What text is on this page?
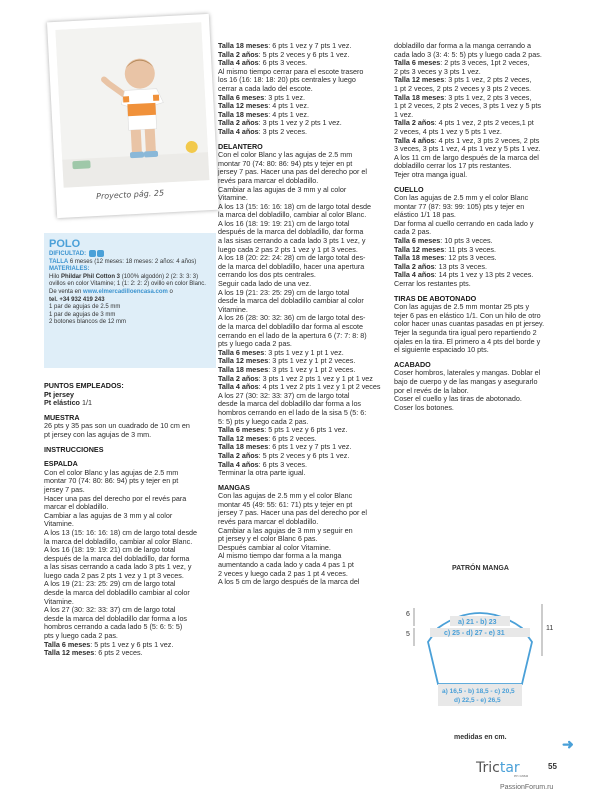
Proyecto pág. 25
POLO
DIFICULTAD:
TALLA 6 meses (12 meses: 18 meses: 2 años: 4 años)
MATERIALES:
Hilo Phildar Phil Cotton 3 (100% algodón) 2 (2: 3: 3: 3)
ovillos en color Vitamine; 1 (1: 2: 2: 2) ovillo en color Blanc.
De venta en www.elmercadilloencasa.com o
tel. +34 932 419 243
1 par de agujas de 2.5 mm
1 par de agujas de 3 mm
2 botones blancos de 12 mm

PUNTOS EMPLEADOS:

Pt jersey

Pt elástico 1/1

MUESTRA

26 pts y 35 pas son un cuadrado de 10 cm en

pt jersey con las agujas de 3 mm.

INSTRUCCIONES

ESPALDA

Con el color Blanc y las agujas de 2.5 mm

montar 70 (74: 80: 86: 94) pts y tejer en pt

jersey 7 pas.

Hacer una pas del derecho por el revés para

marcar el dobladillo.

Cambiar a las agujas de 3 mm y al color

Vitamine.

A los 13 (15: 16: 16: 18) cm de largo total desde

la marca del dobladillo, cambiar al color Blanc.

A los 16 (18: 19: 19: 21) cm de largo total

después de la marca del dobladillo, dar forma

a las sisas cerrando a cada lado 3 pts 1 vez, y

luego cada 2 pas 2 pts 1 vez y 1 pt 3 veces.

A los 19 (21: 23: 25: 29) cm de largo total

desde la marca del dobladillo cambiar al color

Vitamine.

A los 27 (30: 32: 33: 37) cm de largo total

desde la marca del dobladillo dar forma a los

hombros cerrando a cada lado 5 (5: 6: 5: 5)

pts y luego cada 2 pas.

Talla 6 meses: 5 pts 1 vez y 6 pts 1 vez.

Talla 12 meses: 6 pts 2 veces.

Talla 18 meses: 6 pts 1 vez y 7 pts 1 vez.

Talla 2 años: 5 pts 2 veces y 6 pts 1 vez.

Talla 4 años: 6 pts 3 veces.

Al mismo tiempo cerrar para el escote trasero

los 16 (16: 18: 18: 20) pts centrales y luego

cerrar a cada lado del escote.

Talla 6 meses: 3 pts 1 vez.

Talla 12 meses: 4 pts 1 vez.

Talla 18 meses: 4 pts 1 vez.

Talla 2 años: 3 pts 1 vez y 2 pts 1 vez.

Talla 4 años: 3 pts 2 veces.

DELANTERO

Con el color Blanc y las agujas de 2.5 mm

montar 70 (74: 80: 86: 94) pts y tejer en pt

jersey 7 pas. Hacer una pas del derecho por el

revés para marcar el dobladillo.

Cambiar a las agujas de 3 mm y al color

Vitamine.

A los 13 (15: 16: 16: 18) cm de largo total desde

la marca del dobladillo, cambiar al color Blanc.

A los 16 (18: 19: 19: 21) cm de largo total

después de la marca del dobladillo, dar forma

a las sisas cerrando a cada lado 3 pts 1 vez, y

luego cada 2 pas 2 pts 1 vez y 1 pt 3 veces.

A los 18 (20: 22: 24: 28) cm de largo total des-

de la marca del dobladillo, hacer una apertura

cerrando los dos pts centrales.

Seguir cada lado de una vez.

A los 19 (21: 23: 25: 29) cm de largo total

desde la marca del dobladillo cambiar al color

Vitamine.

A los 26 (28: 30: 32: 36) cm de largo total des-

de la marca del dobladillo dar forma al escote

cerrando en el lado de la apertura 6 (7: 7: 8: 8)

pts y luego cada 2 pas.

Talla 6 meses: 3 pts 1 vez y 1 pt 1 vez.

Talla 12 meses: 3 pts 1 vez y 1 pt 2 veces.

Talla 18 meses: 3 pts 1 vez y 1 pt 2 veces.

Talla 2 años: 3 pts 1 vez 2 pts 1 vez y 1 pt 1 vez

Talla 4 años: 4 pts 1 vez 2 pts 1 vez y 1 pt 2 veces

A los 27 (30: 32: 33: 37) cm de largo total

desde la marca del dobladillo dar forma a los

hombros cerrando en el lado de la sisa 5 (5: 6:

5: 5) pts y luego cada 2 pas.

Talla 6 meses: 5 pts 1 vez y 6 pts 1 vez.

Talla 12 meses: 6 pts 2 veces.

Talla 18 meses: 6 pts 1 vez y 7 pts 1 vez.

Talla 2 años: 5 pts 2 veces y 6 pts 1 vez.

Talla 4 años: 6 pts 3 veces.

Terminar la otra parte igual.

MANGAS

Con las agujas de 2.5 mm y el color Blanc

montar 45 (49: 55: 61: 71) pts y tejer en pt

jersey 7 pas. Hacer una pas del derecho por el

revés para marcar el dobladillo.

Cambiar a las agujas de 3 mm y seguir en

pt jersey y el color Blanc 6 pas.

Después cambiar al color Vitamine.

Al mismo tiempo dar forma a la manga

aumentando a cada lado y cada 4 pas 1 pt

2 veces y luego cada 2 pas 1 pt 4 veces.

A los 5 cm de largo después de la marca del

dobladillo dar forma a la manga cerrando a

cada lado 3 (3: 4: 5: 5) pts y luego cada 2 pas.

Talla 6 meses: 2 pts 3 veces, 1pt 2 veces,

2 pts 3 veces y 3 pts 1 vez.

Talla 12 meses: 3 pts 1 vez, 2 pts 2 veces,

1 pt 2 veces, 2 pts 2 veces y 3 pts 2 veces.

Talla 18 meses: 3 pts 1 vez, 2 pts 3 veces,

1 pt 2 veces, 2 pts 2 veces, 3 pts 1 vez y 5 pts

1 vez.

Talla 2 años: 4 pts 1 vez, 2 pts 2 veces,1 pt

2 veces, 4 pts 1 vez y 5 pts 1 vez.

Talla 4 años: 4 pts 1 vez, 3 pts 2 veces, 2 pts

3 veces, 3 pts 1 vez, 4 pts 1 vez y 5 pts 1 vez.

A los 11 cm de largo después de la marca del

dobladillo cerrar los 17 pts restantes.

Tejer otra manga igual.

CUELLO

Con las agujas de 2.5 mm y el color Blanc

montar 77 (87: 93: 99: 105) pts y tejer en

elástico 1/1 18 pas.

Dar forma al cuello cerrando en cada lado y

cada 2 pas.

Talla 6 meses: 10 pts 3 veces.

Talla 12 meses: 11 pts 3 veces.

Talla 18 meses: 12 pts 3 veces.

Talla 2 años: 13 pts 3 veces.

Talla 4 años: 14 pts 1 vez y 13 pts 2 veces.

Cerrar los restantes pts.

TIRAS DE ABOTONADO

Con las agujas de 2.5 mm montar 25 pts y

tejer 6 pas en elástico 1/1. Con un hilo de otro

color hacer unas cuantas pasadas en pt jersey.

Tejer la segunda tira igual pero repartiendo 2

ojales en la tira. El primero a 4 pts del borde y

el siguiente espaciado 10 pts.

ACABADO

Coser hombros, laterales y mangas. Doblar el

bajo de cuerpo y de las mangas y asegurarlo

por el revés de la labor.

Coser el cuello y las tiras de abotonado.

Coser los botones.

PATRÓN MANGA
a) 21 - b) 23
c) 25 - d) 27 - e) 31
6
5
11
a) 16,5 - b) 18,5 - c) 20,5
d) 22,5 - e) 26,5
medidas en cm.	➜
Trictar
en casa
55
PassionForum.ru
